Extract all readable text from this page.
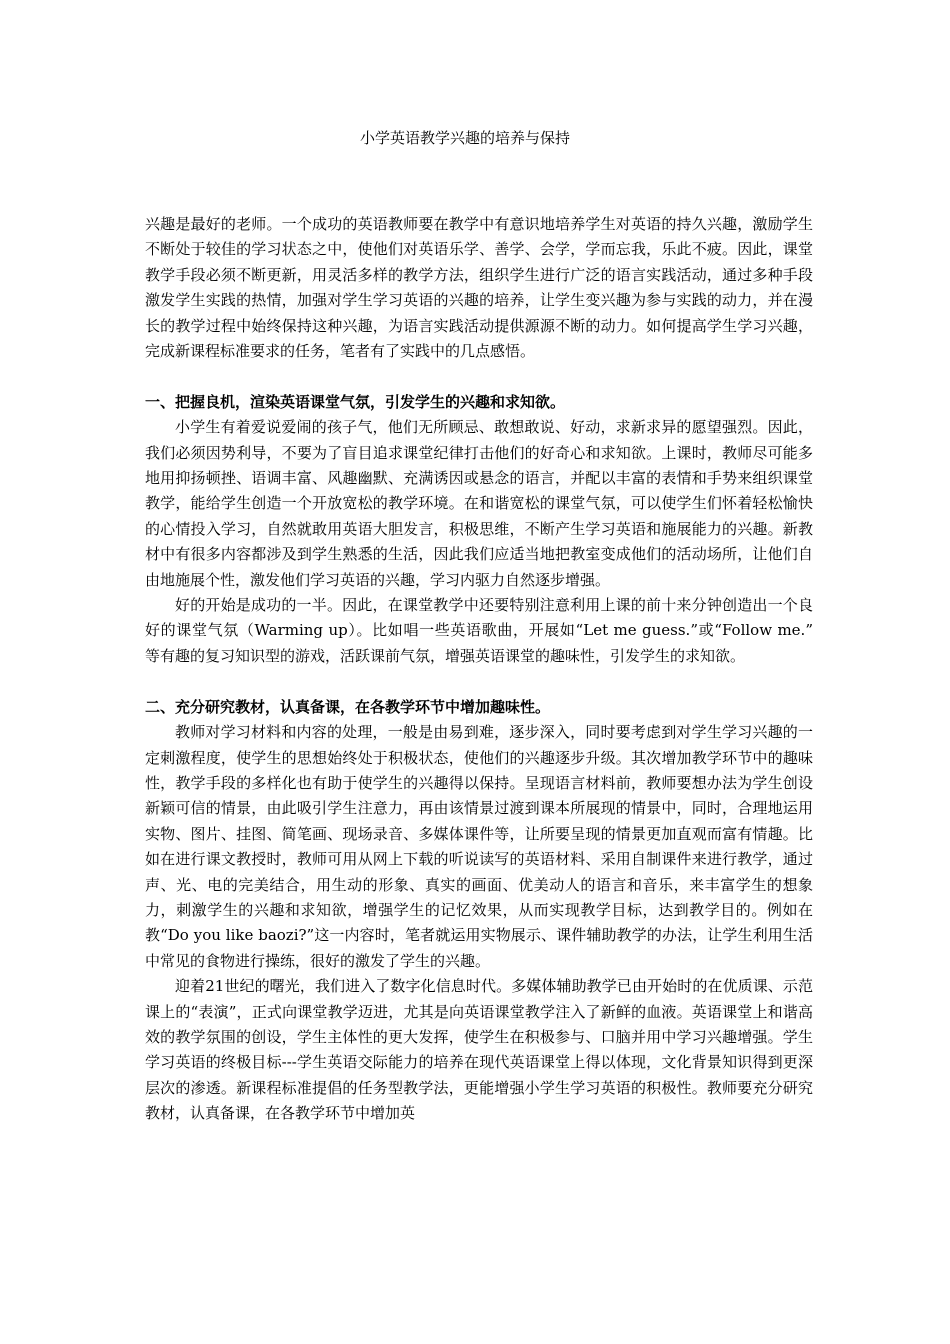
小学英语教学兴趣的培养与保持

兴趣是最好的老师。一个成功的英语教师要在教学中有意识地培养学生对英语的持久兴趣，激励学生不断处于较佳的学习状态之中，使他们对英语乐学、善学、会学，学而忘我，乐此不疲。因此，课堂教学手段必须不断更新，用灵活多样的教学方法，组织学生进行广泛的语言实践活动，通过多种手段激发学生实践的热情，加强对学生学习英语的兴趣的培养，让学生变兴趣为参与实践的动力，并在漫长的教学过程中始终保持这种兴趣，为语言实践活动提供源源不断的动力。如何提高学生学习兴趣，完成新课程标准要求的任务，笔者有了实践中的几点感悟。

一、把握良机，渲染英语课堂气氛，引发学生的兴趣和求知欲。

小学生有着爱说爱闹的孩子气，他们无所顾忌、敢想敢说、好动，求新求异的愿望强烈。因此，我们必须因势利导，不要为了盲目追求课堂纪律打击他们的好奇心和求知欲。上课时，教师尽可能多地用抑扬顿挫、语调丰富、风趣幽默、充满诱因或悬念的语言，并配以丰富的表情和手势来组织课堂教学，能给学生创造一个开放宽松的教学环境。在和谐宽松的课堂气氛，可以使学生们怀着轻松愉快的心情投入学习，自然就敢用英语大胆发言，积极思维，不断产生学习英语和施展能力的兴趣。新教材中有很多内容都涉及到学生熟悉的生活，因此我们应适当地把教室变成他们的活动场所，让他们自由地施展个性，激发他们学习英语的兴趣，学习内驱力自然逐步增强。

好的开始是成功的一半。因此，在课堂教学中还要特别注意利用上课的前十来分钟创造出一个良好的课堂气氛（Warming up）。比如唱一些英语歌曲，开展如“Let me guess.”或“Follow me.” 等有趣的复习知识型的游戏，活跃课前气氛，增强英语课堂的趣味性，引发学生的求知欲。

二、充分研究教材，认真备课，在各教学环节中增加趣味性。

教师对学习材料和内容的处理，一般是由易到难，逐步深入，同时要考虑到对学生学习兴趣的一定刺激程度，使学生的思想始终处于积极状态，使他们的兴趣逐步升级。其次增加教学环节中的趣味性，教学手段的多样化也有助于使学生的兴趣得以保持。呈现语言材料前，教师要想办法为学生创设新颖可信的情景，由此吸引学生注意力，再由该情景过渡到课本所展现的情景中，同时，合理地运用实物、图片、挂图、简笔画、现场录音、多媒体课件等，让所要呈现的情景更加直观而富有情趣。比如在进行课文教授时，教师可用从网上下载的听说读写的英语材料、采用自制课件来进行教学，通过声、光、电的完美结合，用生动的形象、真实的画面、优美动人的语言和音乐，来丰富学生的想象力，刺激学生的兴趣和求知欲，增强学生的记忆效果，从而实现教学目标，达到教学目的。例如在教“Do you like baozi?”这一内容时，笔者就运用实物展示、课件辅助教学的办法，让学生利用生活中常见的食物进行操练，很好的激发了学生的兴趣。

迎着21世纪的曙光，我们进入了数字化信息时代。多媒体辅助教学已由开始时的在优质课、示范课上的“表演”，正式向课堂教学迈进，尤其是向英语课堂教学注入了新鲜的血液。英语课堂上和谐高效的教学氛围的创设，学生主体性的更大发挥，使学生在积极参与、口脑并用中学习兴趣增强。学生学习英语的终极目标---学生英语交际能力的培养在现代英语课堂上得以体现，文化背景知识得到更深层次的渗透。新课程标准提倡的任务型教学法，更能增强小学生学习英语的积极性。教师要充分研究教材，认真备课，在各教学环节中增加英
